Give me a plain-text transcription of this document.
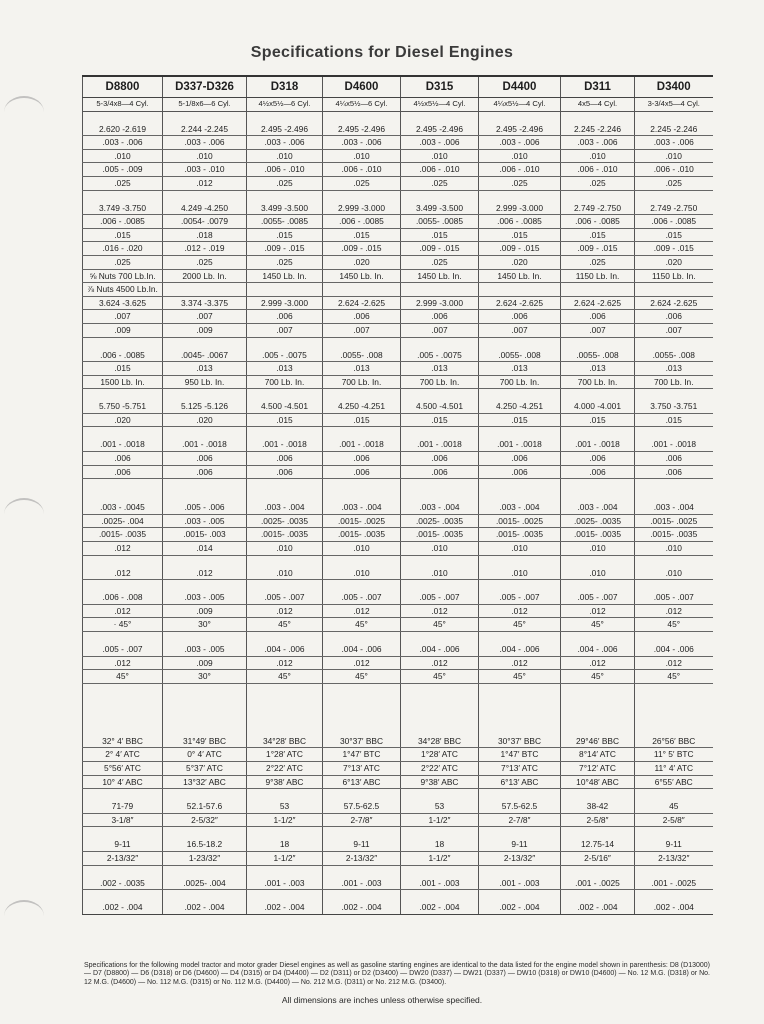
Specifications for Diesel Engines
D8800	D337-D326	D318	D4600	D315	D4400	D311	D3400
5-3/4x8—4 Cyl.	5-1/8x6—6 Cyl.	4½x5½—6 Cyl.	4¼x5½—6 Cyl.	4½x5½—4 Cyl.	4¼x5½—4 Cyl.	4x5—4 Cyl.	3-3/4x5—4 Cyl.

2.620 -2.619	2.244 -2.245	2.495 -2.496	2.495 -2.496	2.495 -2.496	2.495 -2.496	2.245 -2.246	2.245 -2.246
.003 - .006	.003 - .006	.003 - .006	.003 - .006	.003 - .006	.003 - .006	.003 - .006	.003 - .006
.010	.010	.010	.010	.010	.010	.010	.010
.005 - .009	.003 - .010	.006 - .010	.006 - .010	.006 - .010	.006 - .010	.006 - .010	.006 - .010
.025	.012	.025	.025	.025	.025	.025	.025

3.749 -3.750	4.249 -4.250	3.499 -3.500	2.999 -3.000	3.499 -3.500	2.999 -3.000	2.749 -2.750	2.749 -2.750
.006 - .0085	.0054- .0079	.0055- .0085	.006 - .0085	.0055- .0085	.006 - .0085	.006 - .0085	.006 - .0085
.015	.018	.015	.015	.015	.015	.015	.015
.016 - .020	.012 - .019	.009 - .015	.009 - .015	.009 - .015	.009 - .015	.009 - .015	.009 - .015
.025	.025	.025	.020	.025	.020	.025	.020
⅝ Nuts 700 Lb.In.	2000 Lb. In.	1450 Lb. In.	1450 Lb. In.	1450 Lb. In.	1450 Lb. In.	1150 Lb. In.	1150 Lb. In.
⅞ Nuts 4500 Lb.In.							
3.624 -3.625	3.374 -3.375	2.999 -3.000	2.624 -2.625	2.999 -3.000	2.624 -2.625	2.624 -2.625	2.624 -2.625
.007	.007	.006	.006	.006	.006	.006	.006
.009	.009	.007	.007	.007	.007	.007	.007

.006 - .0085	.0045- .0067	.005 - .0075	.0055- .008	.005 - .0075	.0055- .008	.0055- .008	.0055- .008
.015	.013	.013	.013	.013	.013	.013	.013
1500 Lb. In.	950 Lb. In.	700 Lb. In.	700 Lb. In.	700 Lb. In.	700 Lb. In.	700 Lb. In.	700 Lb. In.

5.750 -5.751	5.125 -5.126	4.500 -4.501	4.250 -4.251	4.500 -4.501	4.250 -4.251	4.000 -4.001	3.750 -3.751
.020	.020	.015	.015	.015	.015	.015	.015

.001 - .0018	.001 - .0018	.001 - .0018	.001 - .0018	.001 - .0018	.001 - .0018	.001 - .0018	.001 - .0018
.006	.006	.006	.006	.006	.006	.006	.006
.006	.006	.006	.006	.006	.006	.006	.006

.003 - .0045	.005 - .006	.003 - .004	.003 - .004	.003 - .004	.003 - .004	.003 - .004	.003 - .004
.0025- .004	.003 - .005	.0025- .0035	.0015- .0025	.0025- .0035	.0015- .0025	.0025- .0035	.0015- .0025
.0015- .0035	.0015- .003	.0015- .0035	.0015- .0035	.0015- .0035	.0015- .0035	.0015- .0035	.0015- .0035
.012	.014	.010	.010	.010	.010	.010	.010

.012	.012	.010	.010	.010	.010	.010	.010

.006 - .008	.003 - .005	.005 - .007	.005 - .007	.005 - .007	.005 - .007	.005 - .007	.005 - .007
.012	.009	.012	.012	.012	.012	.012	.012
· 45°	30°	45°	45°	45°	45°	45°	45°

.005 - .007	.003 - .005	.004 - .006	.004 - .006	.004 - .006	.004 - .006	.004 - .006	.004 - .006
.012	.009	.012	.012	.012	.012	.012	.012
45°	30°	45°	45°	45°	45°	45°	45°

32° 4′ BBC	31°49′ BBC	34°28′ BBC	30°37′ BBC	34°28′ BBC	30°37′ BBC	29°46′ BBC	26°56′ BBC
2° 4′ ATC	0° 4′ ATC	1°28′ ATC	1°47′ BTC	1°28′ ATC	1°47′ BTC	8°14′ ATC	11° 5′ BTC
5°56′ ATC	5°37′ ATC	2°22′ ATC	7°13′ ATC	2°22′ ATC	7°13′ ATC	7°12′ ATC	11° 4′ ATC
10° 4′ ABC	13°32′ ABC	9°38′ ABC	6°13′ ABC	9°38′ ABC	6°13′ ABC	10°48′ ABC	6°55′ ABC

71-79	52.1-57.6	53	57.5-62.5	53	57.5-62.5	38-42	45
3-1/8″	2-5/32″	1-1/2″	2-7/8″	1-1/2″	2-7/8″	2-5/8″	2-5/8″

9-11	16.5-18.2	18	9-11	18	9-11	12.75-14	9-11
2-13/32″	1-23/32″	1-1/2″	2-13/32″	1-1/2″	2-13/32″	2-5/16″	2-13/32″

.002 - .0035	.0025- .004	.001 - .003	.001 - .003	.001 - .003	.001 - .003	.001 - .0025	.001 - .0025

.002 - .004	.002 - .004	.002 - .004	.002 - .004	.002 - .004	.002 - .004	.002 - .004	.002 - .004
Specifications for the following model tractor and motor grader Diesel engines as well as gasoline starting engines are identical to the data listed for the engine model shown in parenthesis: D8 (D13000) — D7 (D8800) — D6 (D318) or D6 (D4600) — D4 (D315) or D4 (D4400) — D2 (D311) or D2 (D3400) — DW20 (D337) — DW21 (D337) — DW10 (D318) or DW10 (D4600) — No. 12 M.G. (D318) or No. 12 M.G. (D4600) — No. 112 M.G. (D315) or No. 112 M.G. (D4400) — No. 212 M.G. (D311) or No. 212 M.G. (D3400).
All dimensions are inches unless otherwise specified.
